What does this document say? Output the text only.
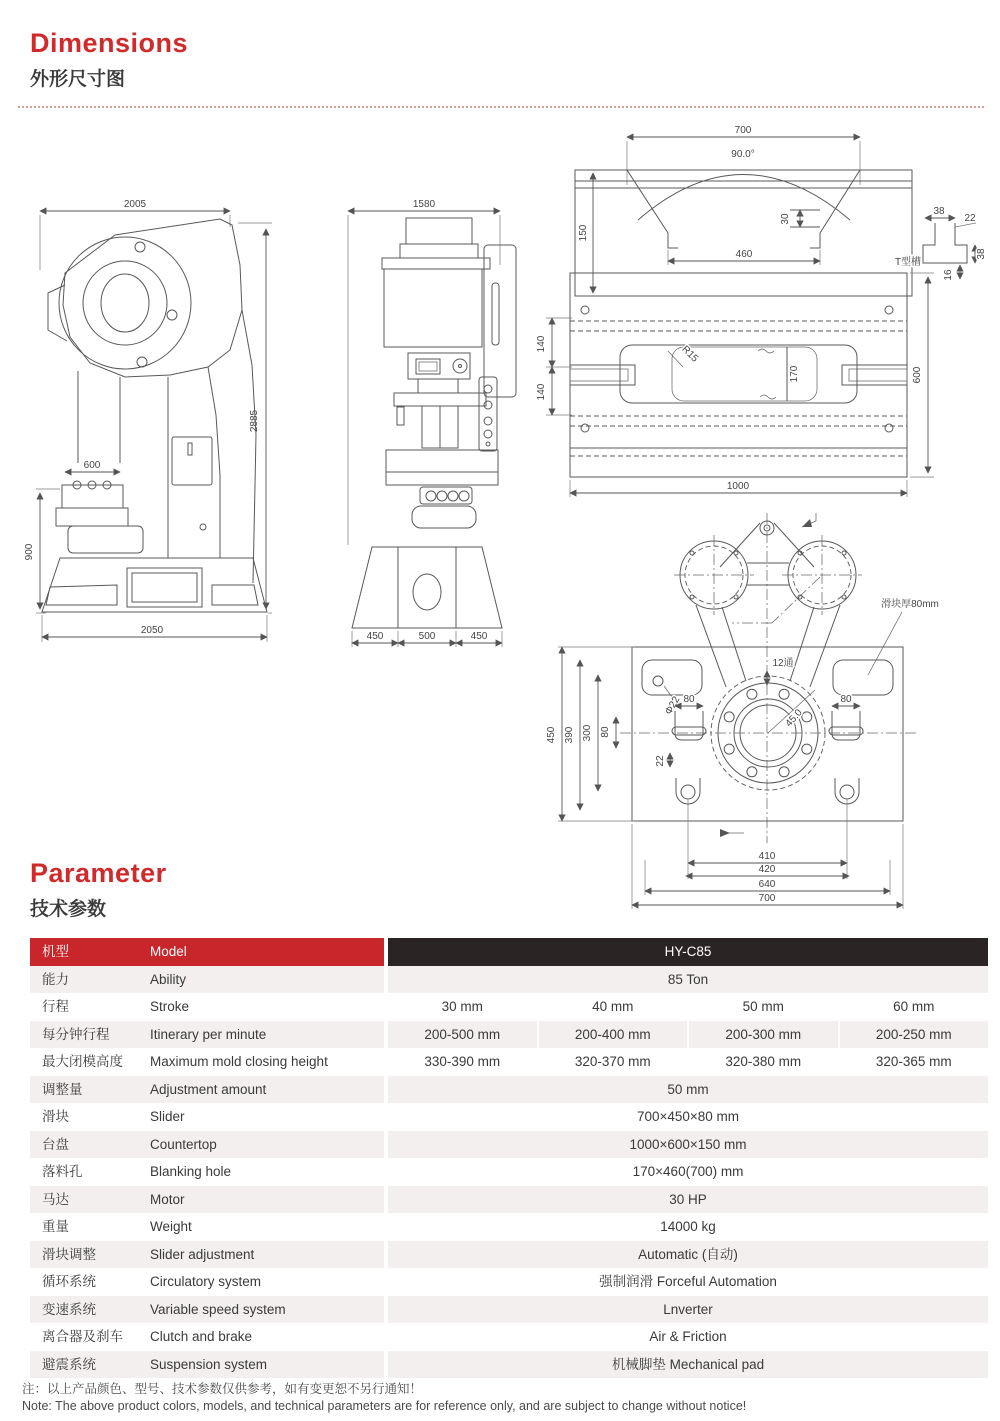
Dimensions
外形尺寸图
2005
2885
600
900
2050
1580
450	500	450
700
90.0°
30
150
460
38
22
38
16
T型槽
R15
170
140
140
600
1000
滑块厚80mm
Φ22
12通
45.0
80	80
22
450 390 300 80
410
420
640
700
Parameter
技术参数
机型	Model	HY-C85
能力	Ability	85 Ton
行程	Stroke	30 mm	40 mm	50 mm	60 mm
每分钟行程	Itinerary per minute	200-500 mm	200-400 mm	200-300 mm	200-250 mm
最大闭模高度	Maximum mold closing height	330-390 mm	320-370 mm	320-380 mm	320-365 mm
调整量	Adjustment amount	50 mm
滑块	Slider	700×450×80 mm
台盘	Countertop	1000×600×150 mm
落料孔	Blanking hole	170×460(700) mm
马达	Motor	30 HP
重量	Weight	14000 kg
滑块调整	Slider adjustment	Automatic (自动)
循环系统	Circulatory system	强制润滑 Forceful Automation
变速系统	Variable speed system	Lnverter
离合器及刹车	Clutch and brake	Air & Friction
避震系统	Suspension system	机械脚垫 Mechanical pad
注：以上产品颜色、型号、技术参数仅供参考，如有变更恕不另行通知！
Note: The above product colors, models, and technical parameters are for reference only, and are subject to change without notice!
